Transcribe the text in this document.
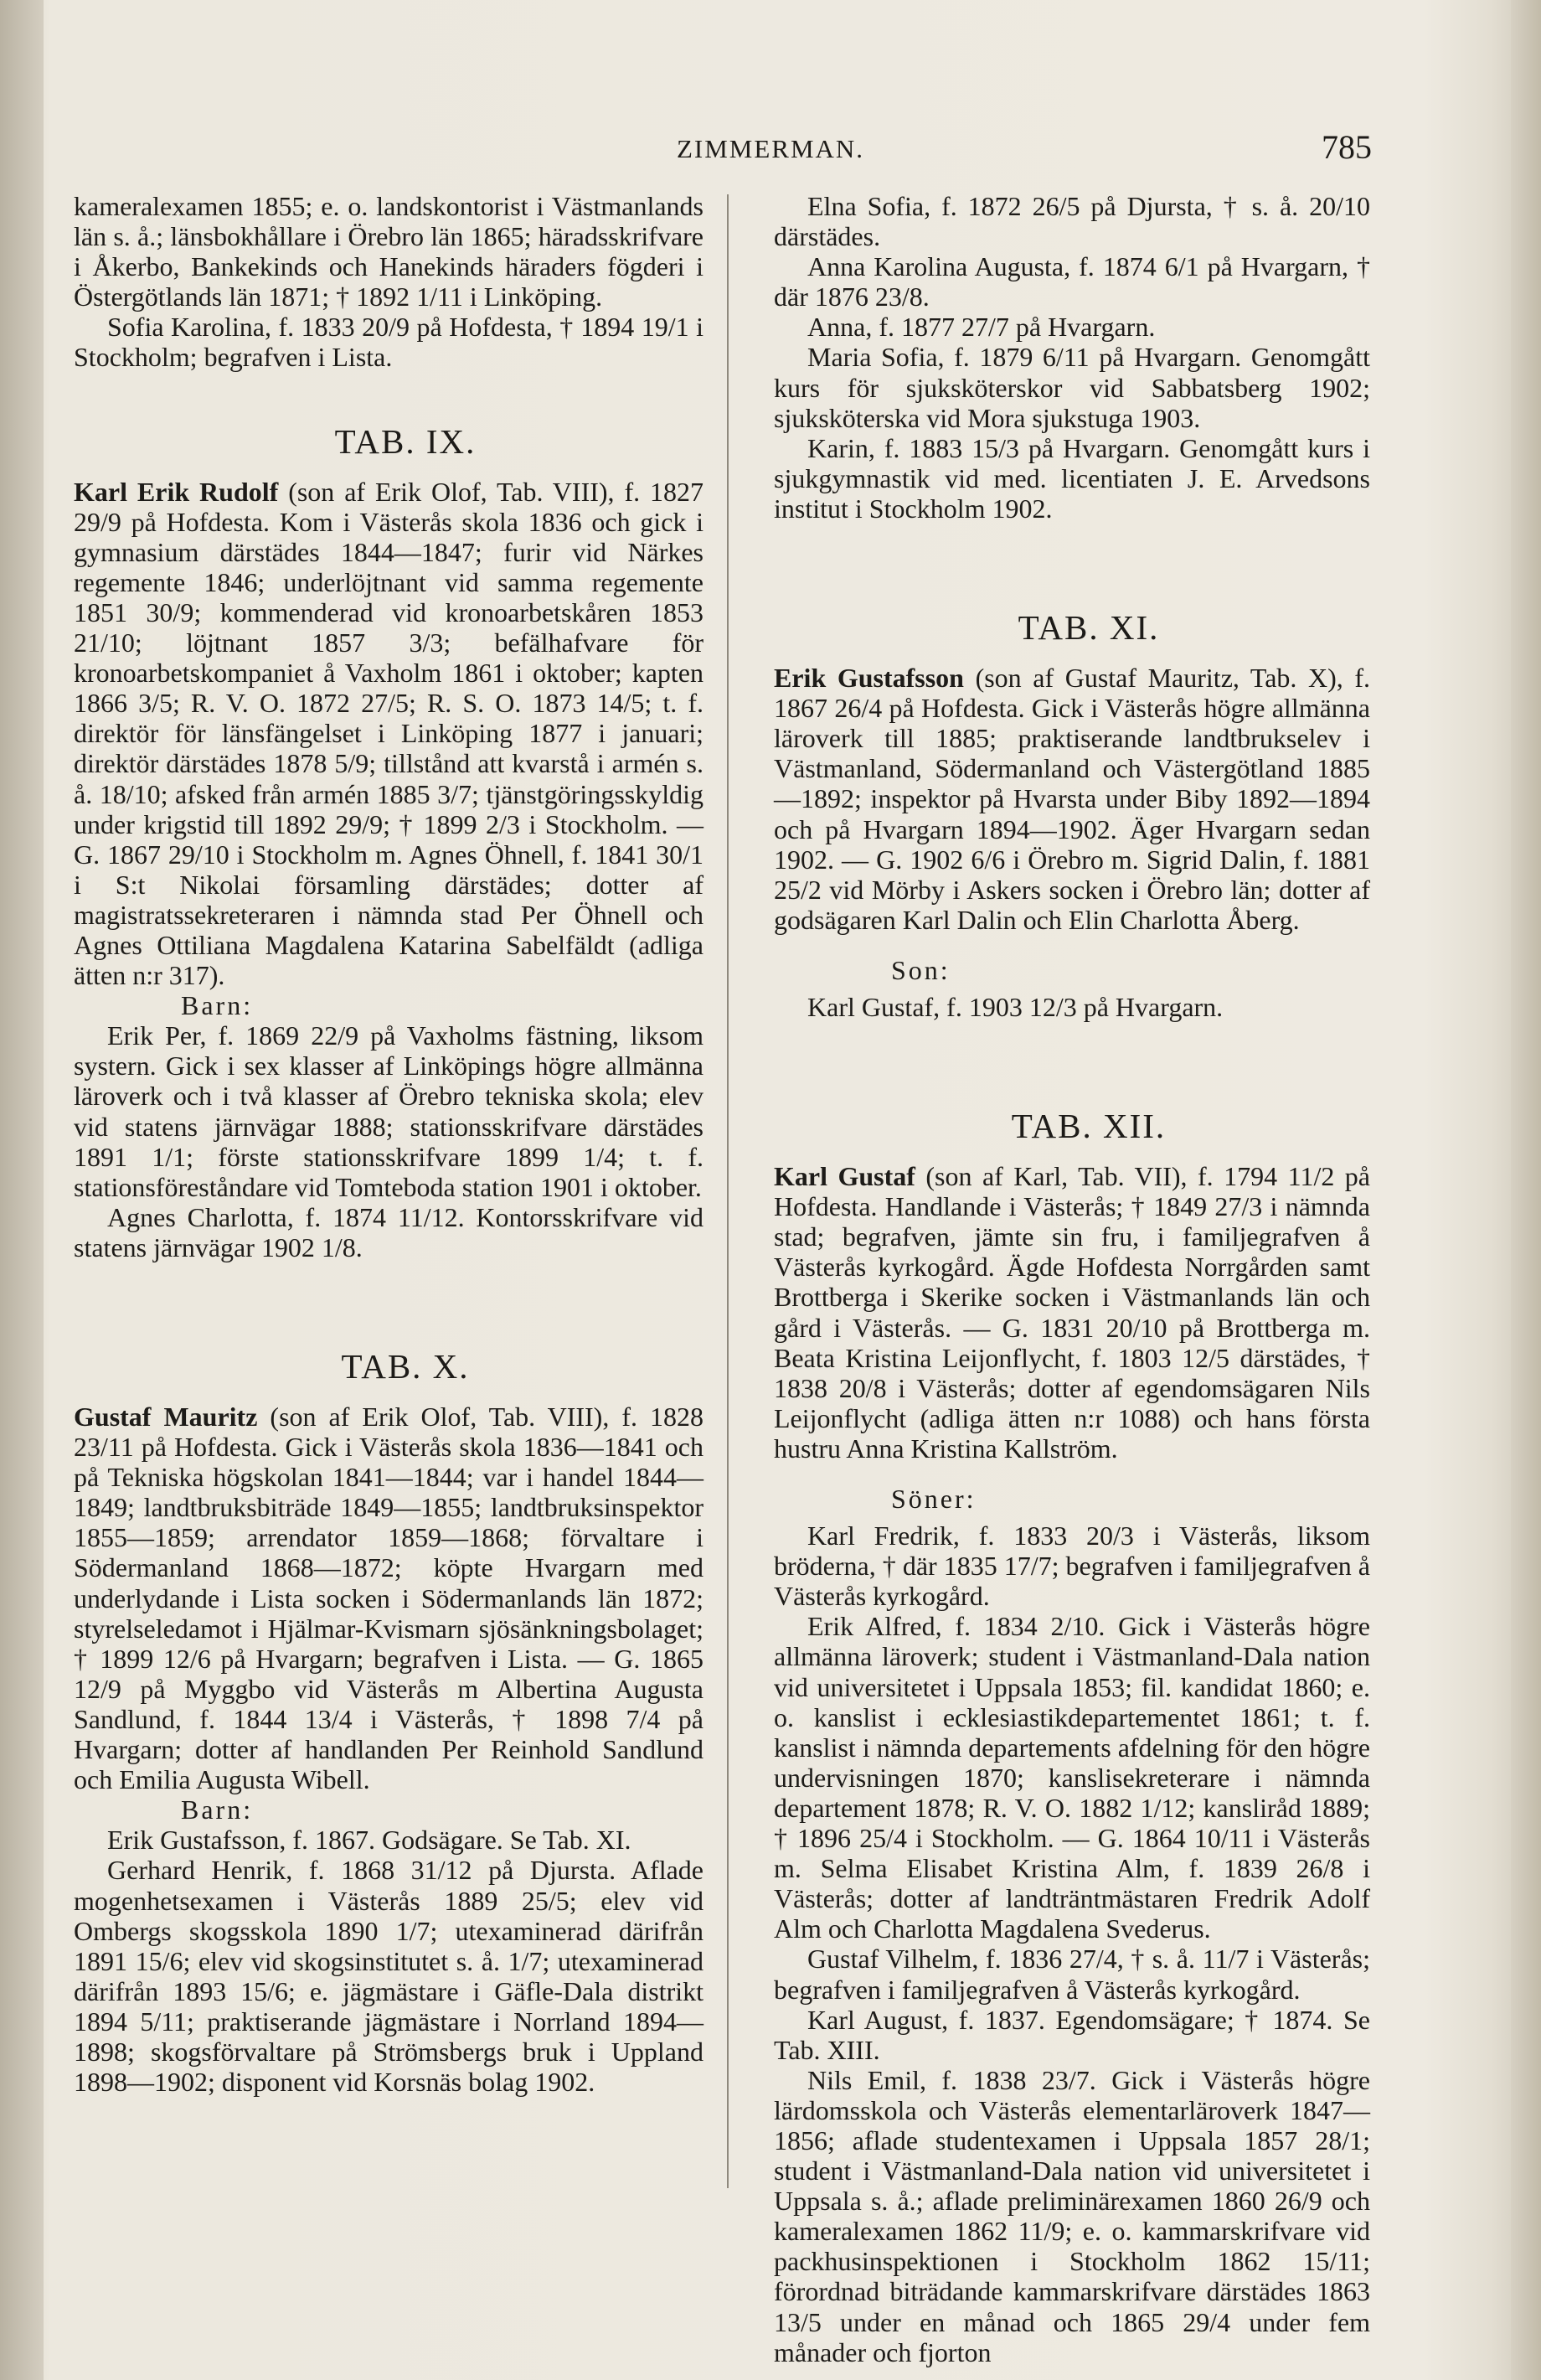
ZIMMERMAN.	785

kameralexamen 1855; e. o. landskontorist i Västmanlands län s. å.; länsbokhållare i Örebro län 1865; häradsskrifvare i Åkerbo, Bankekinds och Hanekinds häraders fögderi i Östergötlands län 1871; † 1892 1/11 i Linköping.

Sofia Karolina, f. 1833 20/9 på Hofdesta, † 1894 19/1 i Stockholm; begrafven i Lista.

TAB. IX.

Karl Erik Rudolf (son af Erik Olof, Tab. VIII), f. 1827 29/9 på Hofdesta. Kom i Västerås skola 1836 och gick i gymnasium därstädes 1844—1847; furir vid Närkes regemente 1846; underlöjtnant vid samma regemente 1851 30/9; kommenderad vid kronoarbetskåren 1853 21/10; löjtnant 1857 3/3; befälhafvare för kronoarbetskompaniet å Vaxholm 1861 i oktober; kapten 1866 3/5; R. V. O. 1872 27/5; R. S. O. 1873 14/5; t. f. direktör för länsfängelset i Linköping 1877 i januari; direktör därstädes 1878 5/9; tillstånd att kvarstå i armén s. å. 18/10; afsked från armén 1885 3/7; tjänstgöringsskyldig under krigstid till 1892 29/9; † 1899 2/3 i Stockholm. — G. 1867 29/10 i Stockholm m. Agnes Öhnell, f. 1841 30/1 i S:t Nikolai församling därstädes; dotter af magistratssekreteraren i nämnda stad Per Öhnell och Agnes Ottiliana Magdalena Katarina Sabelfäldt (adliga ätten n:r 317).

Barn:

Erik Per, f. 1869 22/9 på Vaxholms fästning, liksom systern. Gick i sex klasser af Linköpings högre allmänna läroverk och i två klasser af Örebro tekniska skola; elev vid statens järnvägar 1888; stationsskrifvare därstädes 1891 1/1; förste stationsskrifvare 1899 1/4; t. f. stationsföreståndare vid Tomteboda station 1901 i oktober.

Agnes Charlotta, f. 1874 11/12. Kontorsskrifvare vid statens järnvägar 1902 1/8.

TAB. X.

Gustaf Mauritz (son af Erik Olof, Tab. VIII), f. 1828 23/11 på Hofdesta. Gick i Västerås skola 1836—1841 och på Tekniska högskolan 1841—1844; var i handel 1844—1849; landtbruksbiträde 1849—1855; landtbruksinspektor 1855—1859; arrendator 1859—1868; förvaltare i Södermanland 1868—1872; köpte Hvargarn med underlydande i Lista socken i Södermanlands län 1872; styrelseledamot i Hjälmar-Kvismarn sjösänkningsbolaget; † 1899 12/6 på Hvargarn; begrafven i Lista. — G. 1865 12/9 på Myggbo vid Västerås m Albertina Augusta Sandlund, f. 1844 13/4 i Västerås, † 1898 7/4 på Hvargarn; dotter af handlanden Per Reinhold Sandlund och Emilia Augusta Wibell.

Barn:

Erik Gustafsson, f. 1867. Godsägare. Se Tab. XI.

Gerhard Henrik, f. 1868 31/12 på Djursta. Aflade mogenhetsexamen i Västerås 1889 25/5; elev vid Ombergs skogsskola 1890 1/7; utexaminerad därifrån 1891 15/6; elev vid skogsinstitutet s. å. 1/7; utexaminerad därifrån 1893 15/6; e. jägmästare i Gäfle-Dala distrikt 1894 5/11; praktiserande jägmästare i Norrland 1894—1898; skogsförvaltare på Strömsbergs bruk i Uppland 1898—1902; disponent vid Korsnäs bolag 1902.

Elna Sofia, f. 1872 26/5 på Djursta, † s. å. 20/10 därstädes.

Anna Karolina Augusta, f. 1874 6/1 på Hvargarn, † där 1876 23/8.

Anna, f. 1877 27/7 på Hvargarn.

Maria Sofia, f. 1879 6/11 på Hvargarn. Genomgått kurs för sjuksköterskor vid Sabbatsberg 1902; sjuksköterska vid Mora sjukstuga 1903.

Karin, f. 1883 15/3 på Hvargarn. Genomgått kurs i sjukgymnastik vid med. licentiaten J. E. Arvedsons institut i Stockholm 1902.

TAB. XI.

Erik Gustafsson (son af Gustaf Mauritz, Tab. X), f. 1867 26/4 på Hofdesta. Gick i Västerås högre allmänna läroverk till 1885; praktiserande landtbrukselev i Västmanland, Södermanland och Västergötland 1885—1892; inspektor på Hvarsta under Biby 1892—1894 och på Hvargarn 1894—1902. Äger Hvargarn sedan 1902. — G. 1902 6/6 i Örebro m. Sigrid Dalin, f. 1881 25/2 vid Mörby i Askers socken i Örebro län; dotter af godsägaren Karl Dalin och Elin Charlotta Åberg.

Son:

Karl Gustaf, f. 1903 12/3 på Hvargarn.

TAB. XII.

Karl Gustaf (son af Karl, Tab. VII), f. 1794 11/2 på Hofdesta. Handlande i Västerås; † 1849 27/3 i nämnda stad; begrafven, jämte sin fru, i familjegrafven å Västerås kyrkogård. Ägde Hofdesta Norrgården samt Brottberga i Skerike socken i Västmanlands län och gård i Västerås. — G. 1831 20/10 på Brottberga m. Beata Kristina Leijonflycht, f. 1803 12/5 därstädes, † 1838 20/8 i Västerås; dotter af egendomsägaren Nils Leijonflycht (adliga ätten n:r 1088) och hans första hustru Anna Kristina Kallström.

Söner:

Karl Fredrik, f. 1833 20/3 i Västerås, liksom bröderna, † där 1835 17/7; begrafven i familjegrafven å Västerås kyrkogård.

Erik Alfred, f. 1834 2/10. Gick i Västerås högre allmänna läroverk; student i Västmanland-Dala nation vid universitetet i Uppsala 1853; fil. kandidat 1860; e. o. kanslist i ecklesiastikdepartementet 1861; t. f. kanslist i nämnda departements afdelning för den högre undervisningen 1870; kanslisekreterare i nämnda departement 1878; R. V. O. 1882 1/12; kansliråd 1889; † 1896 25/4 i Stockholm. — G. 1864 10/11 i Västerås m. Selma Elisabet Kristina Alm, f. 1839 26/8 i Västerås; dotter af landträntmästaren Fredrik Adolf Alm och Charlotta Magdalena Svederus.

Gustaf Vilhelm, f. 1836 27/4, † s. å. 11/7 i Västerås; begrafven i familjegrafven å Västerås kyrkogård.

Karl August, f. 1837. Egendomsägare; † 1874. Se Tab. XIII.

Nils Emil, f. 1838 23/7. Gick i Västerås högre lärdomsskola och Västerås elementarläroverk 1847—1856; aflade studentexamen i Uppsala 1857 28/1; student i Västmanland-Dala nation vid universitetet i Uppsala s. å.; aflade preliminärexamen 1860 26/9 och kameralexamen 1862 11/9; e. o. kammarskrifvare vid packhusinspektionen i Stockholm 1862 15/11; förordnad biträdande kammarskrifvare därstädes 1863 13/5 under en månad och 1865 29/4 under fem månader och fjorton
